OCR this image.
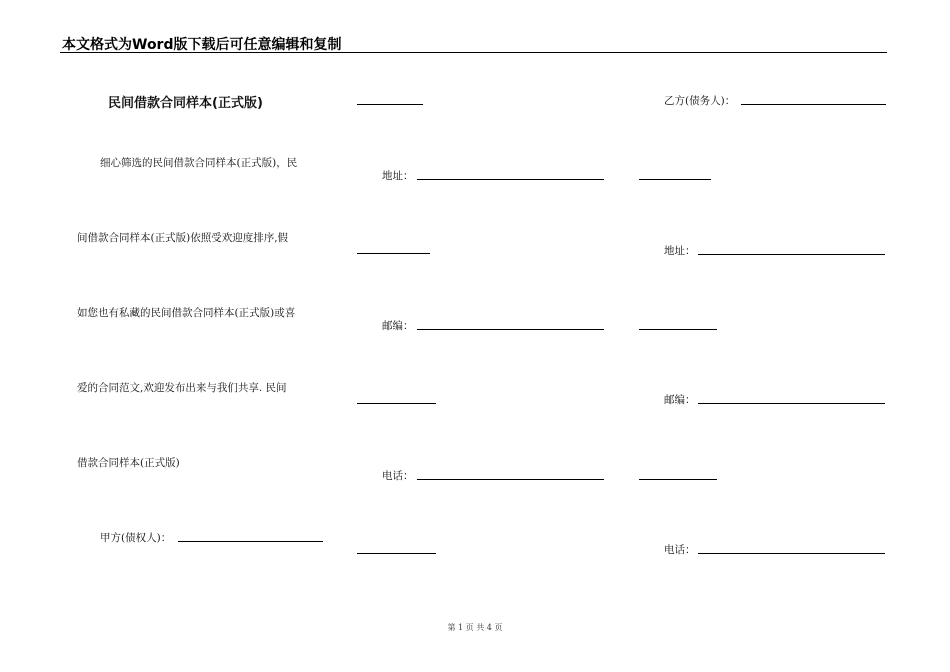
本文格式为Word版下载后可任意编辑和复制
民间借款合同样本(正式版)
细心筛选的民间借款合同样本(正式版)，民
间借款合同样本(正式版)依照受欢迎度排序,假
如您也有私藏的民间借款合同样本(正式版)或喜
爱的合同范文,欢迎发布出来与我们共享. 民间
借款合同样本(正式版)
甲方(债权人)：
地址：
邮编：
电话：
乙方(债务人)：
地址：
邮编：
电话：
第 1 页 共 4 页
